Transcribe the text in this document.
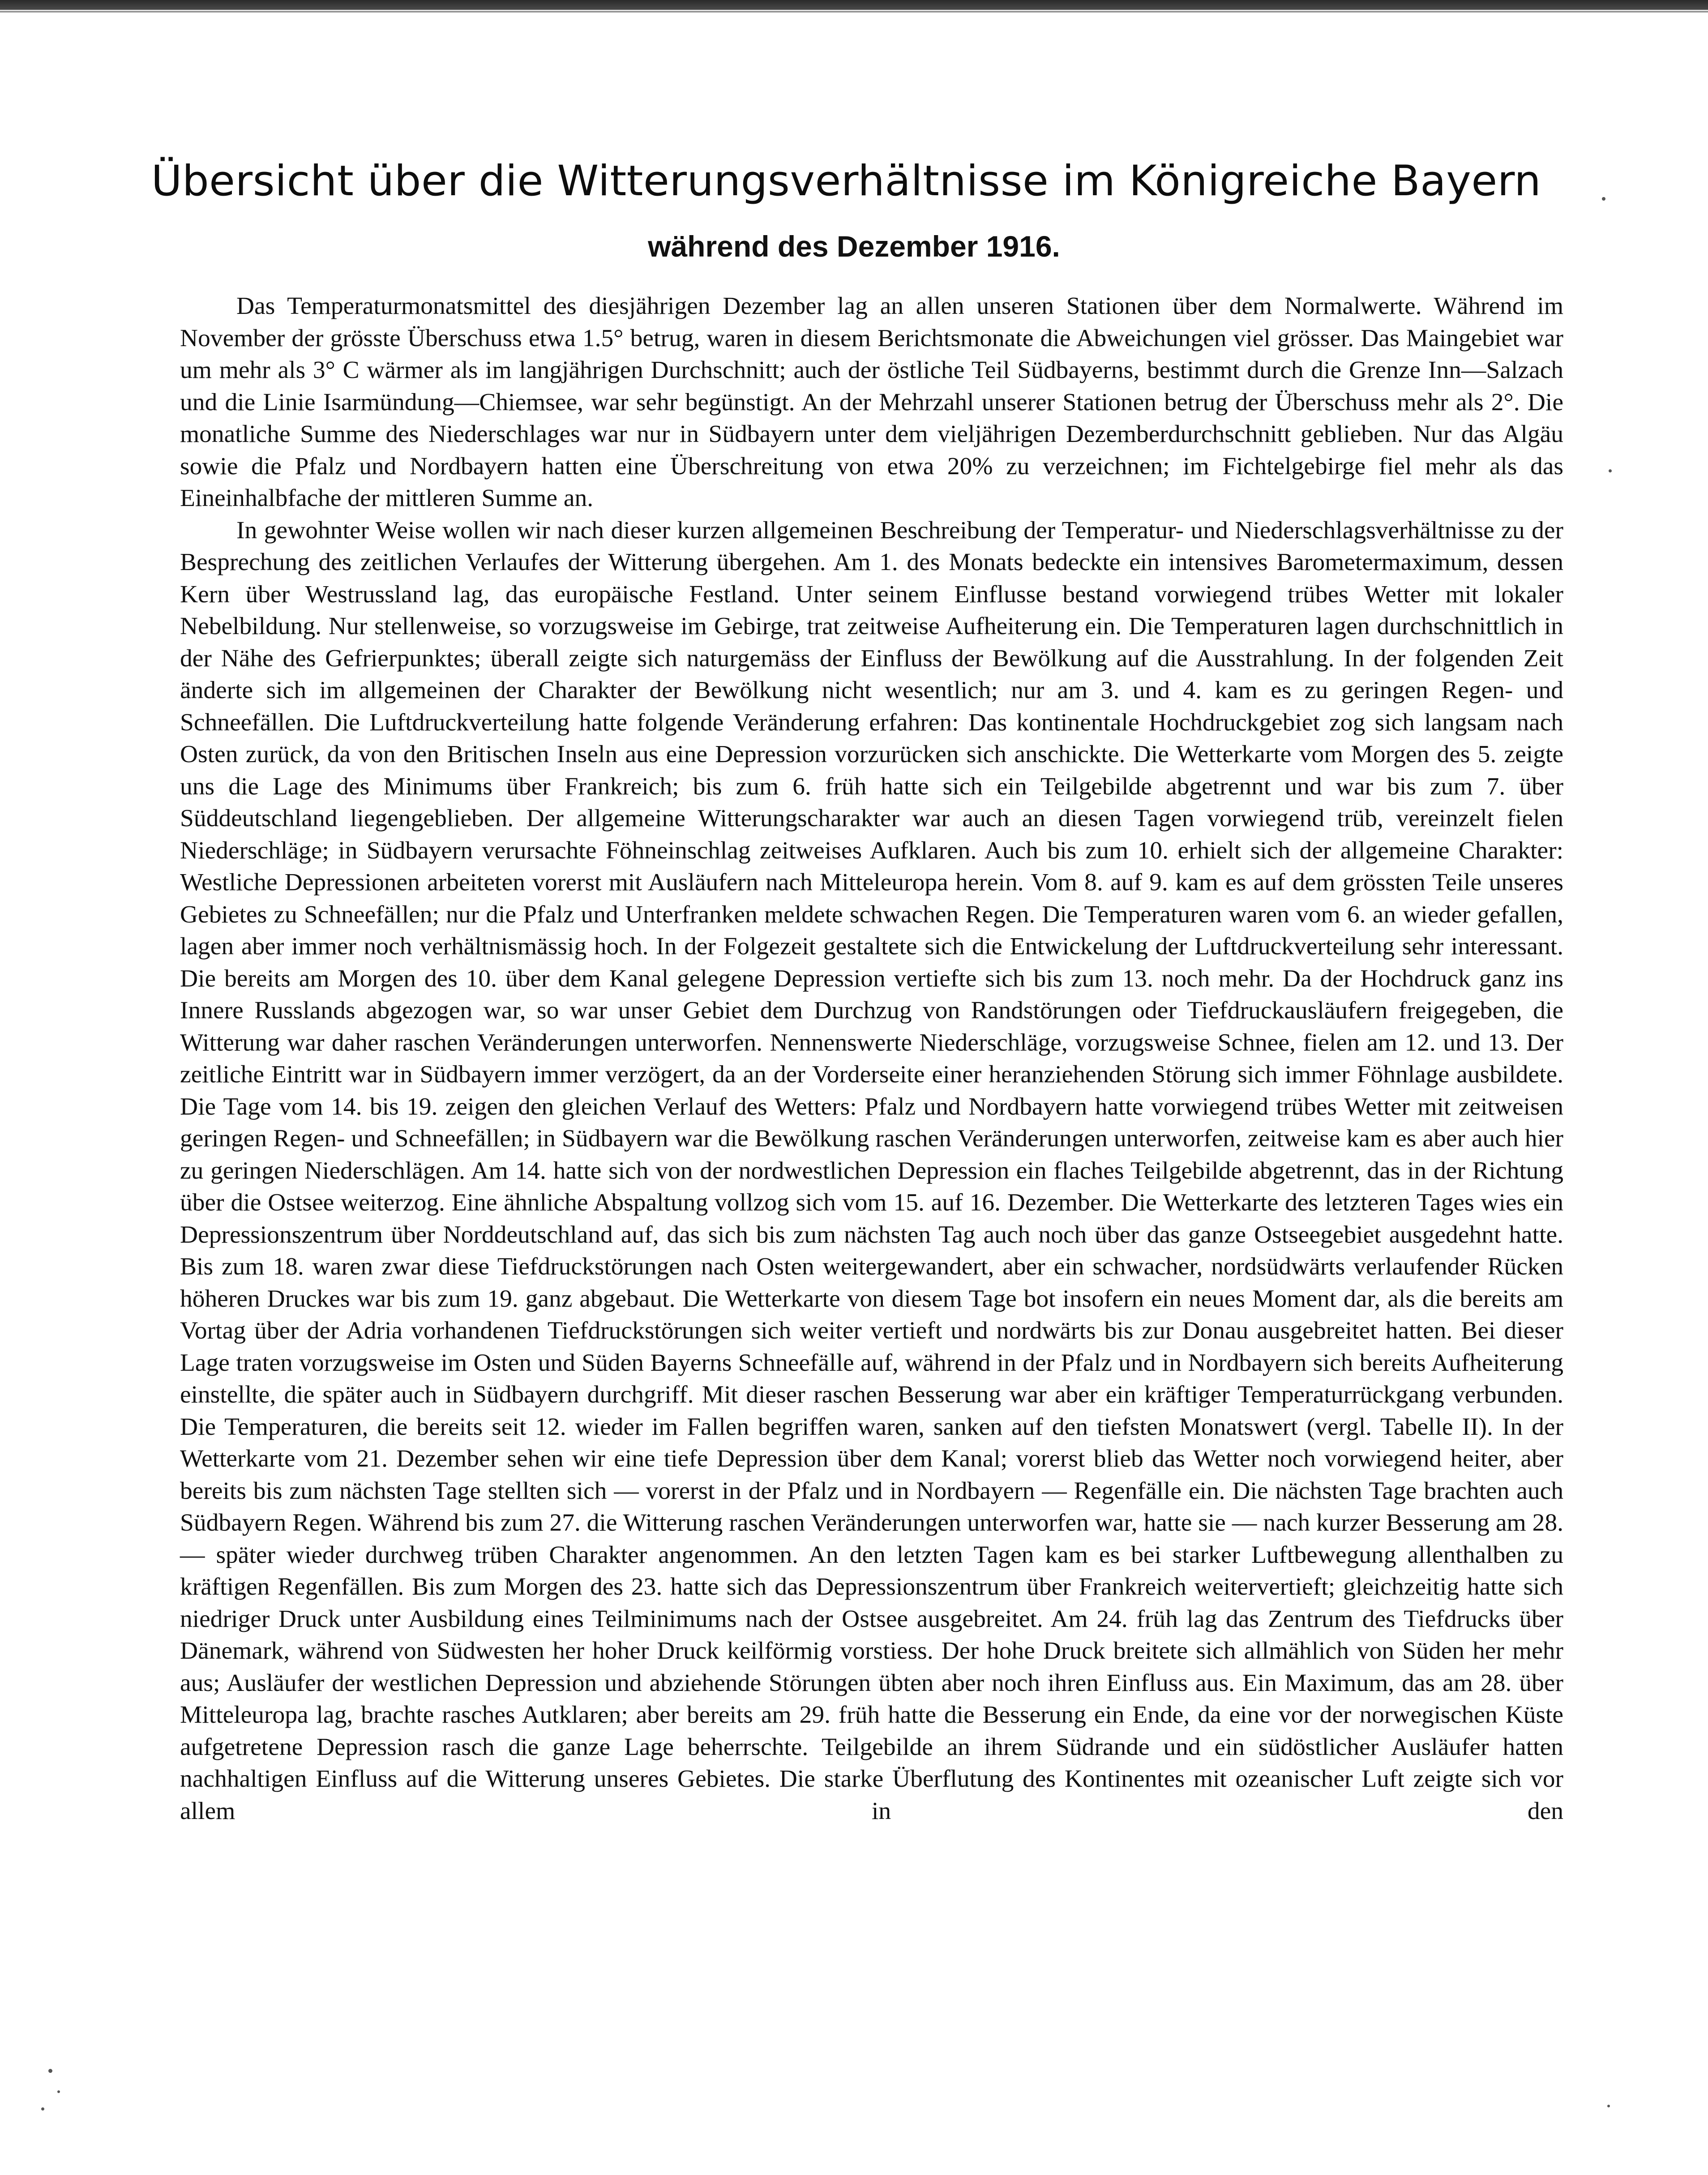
Übersicht über die Witterungsverhältnisse im Königreiche Bayern
während des Dezember 1916.

Das Temperaturmonatsmittel des diesjährigen Dezember lag an allen unseren Stationen über dem Normalwerte. Während im November der grösste Überschuss etwa 1.5° betrug, waren in diesem Berichtsmonate die Abweichungen viel grösser. Das Maingebiet war um mehr als 3° C wärmer als im langjährigen Durchschnitt; auch der östliche Teil Südbayerns, bestimmt durch die Grenze Inn—Salzach und die Linie Isarmündung—Chiemsee, war sehr begünstigt. An der Mehrzahl unserer Stationen betrug der Überschuss mehr als 2°. Die monatliche Summe des Niederschlages war nur in Südbayern unter dem vieljährigen Dezemberdurchschnitt geblieben. Nur das Algäu sowie die Pfalz und Nordbayern hatten eine Überschreitung von etwa 20% zu verzeichnen; im Fichtelgebirge fiel mehr als das Eineinhalbfache der mittleren Summe an.

In gewohnter Weise wollen wir nach dieser kurzen allgemeinen Beschreibung der Temperatur- und Niederschlagsverhältnisse zu der Besprechung des zeitlichen Verlaufes der Witterung übergehen. Am 1. des Monats bedeckte ein intensives Barometermaximum, dessen Kern über Westrussland lag, das europäische Festland. Unter seinem Einflusse bestand vorwiegend trübes Wetter mit lokaler Nebelbildung. Nur stellenweise, so vorzugsweise im Gebirge, trat zeitweise Aufheiterung ein. Die Temperaturen lagen durchschnittlich in der Nähe des Gefrierpunktes; überall zeigte sich naturgemäss der Einfluss der Bewölkung auf die Ausstrahlung. In der folgenden Zeit änderte sich im allgemeinen der Charakter der Bewölkung nicht wesentlich; nur am 3. und 4. kam es zu geringen Regen- und Schneefällen. Die Luftdruckverteilung hatte folgende Veränderung erfahren: Das kontinentale Hochdruckgebiet zog sich langsam nach Osten zurück, da von den Britischen Inseln aus eine Depression vorzurücken sich anschickte. Die Wetterkarte vom Morgen des 5. zeigte uns die Lage des Minimums über Frankreich; bis zum 6. früh hatte sich ein Teilgebilde abgetrennt und war bis zum 7. über Süddeutschland liegengeblieben. Der allgemeine Witterungscharakter war auch an diesen Tagen vorwiegend trüb, vereinzelt fielen Niederschläge; in Südbayern verursachte Föhneinschlag zeitweises Aufklaren. Auch bis zum 10. erhielt sich der allgemeine Charakter: Westliche Depressionen arbeiteten vorerst mit Ausläufern nach Mitteleuropa herein. Vom 8. auf 9. kam es auf dem grössten Teile unseres Gebietes zu Schneefällen; nur die Pfalz und Unterfranken meldete schwachen Regen. Die Temperaturen waren vom 6. an wieder gefallen, lagen aber immer noch verhältnismässig hoch. In der Folgezeit gestaltete sich die Entwickelung der Luftdruckverteilung sehr interessant. Die bereits am Morgen des 10. über dem Kanal gelegene Depression vertiefte sich bis zum 13. noch mehr. Da der Hochdruck ganz ins Innere Russlands abgezogen war, so war unser Gebiet dem Durchzug von Randstörungen oder Tiefdruckausläufern freigegeben, die Witterung war daher raschen Veränderungen unterworfen. Nennenswerte Niederschläge, vorzugsweise Schnee, fielen am 12. und 13. Der zeitliche Eintritt war in Südbayern immer verzögert, da an der Vorderseite einer heranziehenden Störung sich immer Föhnlage ausbildete. Die Tage vom 14. bis 19. zeigen den gleichen Verlauf des Wetters: Pfalz und Nordbayern hatte vorwiegend trübes Wetter mit zeitweisen geringen Regen- und Schneefällen; in Südbayern war die Bewölkung raschen Veränderungen unterworfen, zeitweise kam es aber auch hier zu geringen Niederschlägen. Am 14. hatte sich von der nordwestlichen Depression ein flaches Teilgebilde abgetrennt, das in der Richtung über die Ostsee weiterzog. Eine ähnliche Abspaltung vollzog sich vom 15. auf 16. Dezember. Die Wetterkarte des letzteren Tages wies ein Depressionszentrum über Norddeutschland auf, das sich bis zum nächsten Tag auch noch über das ganze Ostseegebiet ausgedehnt hatte. Bis zum 18. waren zwar diese Tiefdruckstörungen nach Osten weitergewandert, aber ein schwacher, nordsüdwärts verlaufender Rücken höheren Druckes war bis zum 19. ganz abgebaut. Die Wetterkarte von diesem Tage bot insofern ein neues Moment dar, als die bereits am Vortag über der Adria vorhandenen Tiefdruckstörungen sich weiter vertieft und nordwärts bis zur Donau ausgebreitet hatten. Bei dieser Lage traten vorzugsweise im Osten und Süden Bayerns Schneefälle auf, während in der Pfalz und in Nordbayern sich bereits Aufheiterung einstellte, die später auch in Südbayern durchgriff. Mit dieser raschen Besserung war aber ein kräftiger Temperaturrückgang verbunden. Die Temperaturen, die bereits seit 12. wieder im Fallen begriffen waren, sanken auf den tiefsten Monatswert (vergl. Tabelle II). In der Wetterkarte vom 21. Dezember sehen wir eine tiefe Depression über dem Kanal; vorerst blieb das Wetter noch vorwiegend heiter, aber bereits bis zum nächsten Tage stellten sich — vorerst in der Pfalz und in Nordbayern — Regenfälle ein. Die nächsten Tage brachten auch Südbayern Regen. Während bis zum 27. die Witterung raschen Veränderungen unterworfen war, hatte sie — nach kurzer Besserung am 28. — später wieder durchweg trüben Charakter angenommen. An den letzten Tagen kam es bei starker Luftbewegung allenthalben zu kräftigen Regenfällen. Bis zum Morgen des 23. hatte sich das Depressionszentrum über Frankreich weitervertieft; gleichzeitig hatte sich niedriger Druck unter Ausbildung eines Teilminimums nach der Ostsee ausgebreitet. Am 24. früh lag das Zentrum des Tiefdrucks über Dänemark, während von Südwesten her hoher Druck keilförmig vorstiess. Der hohe Druck breitete sich allmählich von Süden her mehr aus; Ausläufer der westlichen Depression und abziehende Störungen übten aber noch ihren Einfluss aus. Ein Maximum, das am 28. über Mitteleuropa lag, brachte rasches Autklaren; aber bereits am 29. früh hatte die Besserung ein Ende, da eine vor der norwegischen Küste aufgetretene Depression rasch die ganze Lage beherrschte. Teilgebilde an ihrem Südrande und ein südöstlicher Ausläufer hatten nachhaltigen Einfluss auf die Witterung unseres Gebietes. Die starke Überflutung des Kontinentes mit ozeanischer Luft zeigte sich vor allem in den
